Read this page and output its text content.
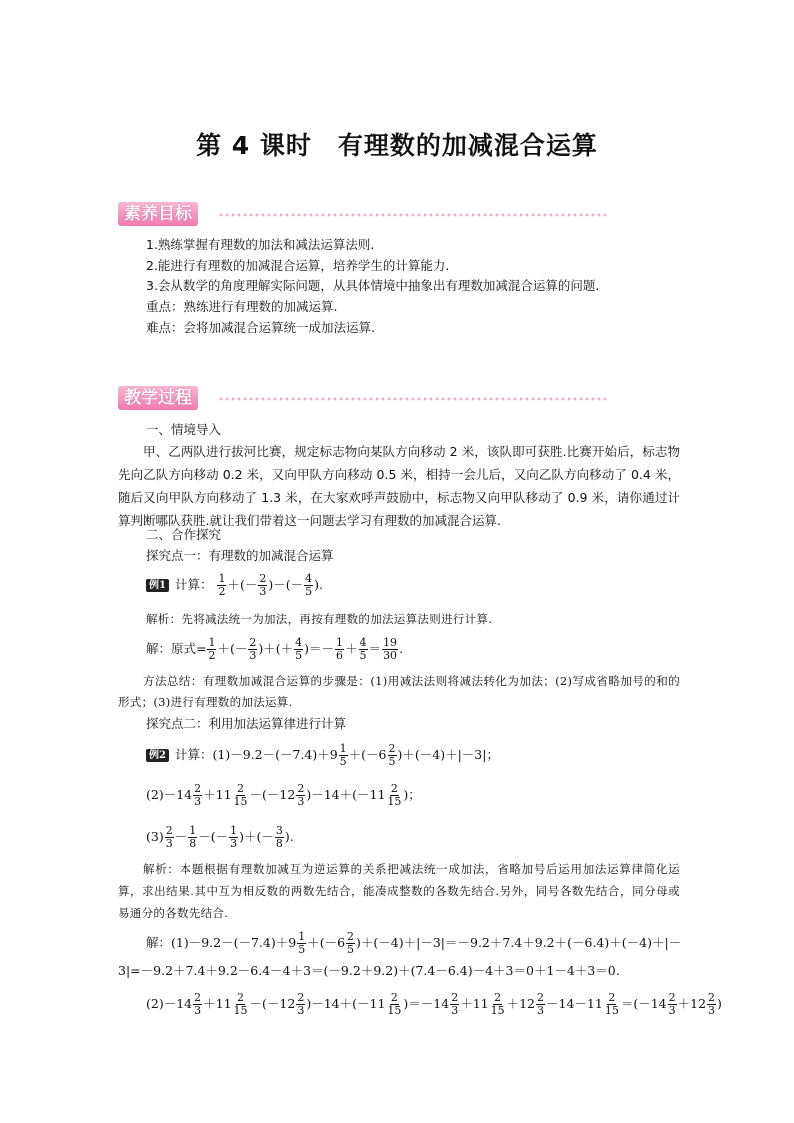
第 4 课时　有理数的加减混合运算
素养目标
1.熟练掌握有理数的加法和减法运算法则.
2.能进行有理数的加减混合运算，培养学生的计算能力.
3.会从数学的角度理解实际问题，从具体情境中抽象出有理数加减混合运算的问题.
重点：熟练进行有理数的加减运算.
难点：会将加减混合运算统一成加法运算.
教学过程
一、情境导入
甲、乙两队进行拔河比赛，规定标志物向某队方向移动 2 米，该队即可获胜.比赛开始后，标志物先向乙队方向移动 0.2 米，又向甲队方向移动 0.5 米，相持一会儿后，又向乙队方向移动了 0.4 米，随后又向甲队方向移动了 1.3 米，在大家欢呼声鼓励中，标志物又向甲队移动了 0.9 米，请你通过计算判断哪队获胜.就让我们带着这一问题去学习有理数的加减混合运算.
二、合作探究
探究点一：有理数的加减混合运算
例1 计算： $\frac{1}{2}$ ＋(－ $\frac{2}{3}$ )－(－ $\frac{4}{5}$ ).
解析：先将减法统一为加法，再按有理数的加法运算法则进行计算.
解：原式= $\frac{1}{2}$ ＋(－ $\frac{2}{3}$ )＋(＋ $\frac{4}{5}$ )＝－ $\frac{1}{6} + \frac{4}{5} = \frac{19}{30}$ .
方法总结：有理数加减混合运算的步骤是：(1)用减法法则将减法转化为加法；(2)写成省略加号的和的形式；(3)进行有理数的加法运算.
探究点二：利用加法运算律进行计算
例2 计算：$(1)-9.2-(-7.4)+9 \frac{1}{5} +(-6 \frac{2}{5} )+(-4)+|-3|$；
$(2)-14 \frac{2}{3} +11 \frac{2}{15} -(-12 \frac{2}{3} )-14+(-11 \frac{2}{15}$ )；
$(3) \frac{2}{3} - \frac{1}{8}$ －(－ $\frac{1}{3}$ )＋(－ $\frac{3}{8}$ ).
解析：本题根据有理数加减互为逆运算的关系把减法统一成加法，省略加号后运用加法运算律简化运算，求出结果.其中互为相反数的两数先结合，能凑成整数的各数先结合.另外，同号各数先结合，同分母或易通分的各数先结合.
解：$(1)-9.2-(-7.4)+9 \frac{1}{5} +(-6 \frac{2}{5} )+(-4)+|-3|=-9.2+7.4+9.2+(-6.4)+(-4)+|-$
3|=－9.2＋7.4＋9.2－6.4－4＋3＝(－9.2＋9.2)＋(7.4－6.4)－4＋3＝0＋1－4＋3＝0.
$(2)-14 \frac{2}{3} +11 \frac{2}{15} -(-12 \frac{2}{3} )-14+(-11 \frac{2}{15} )=-14 \frac{2}{3} +11 \frac{2}{15} +12 \frac{2}{3} -14-11 \frac{2}{15} =(-14 \frac{2}{3} +12 \frac{2}{3}$ )
